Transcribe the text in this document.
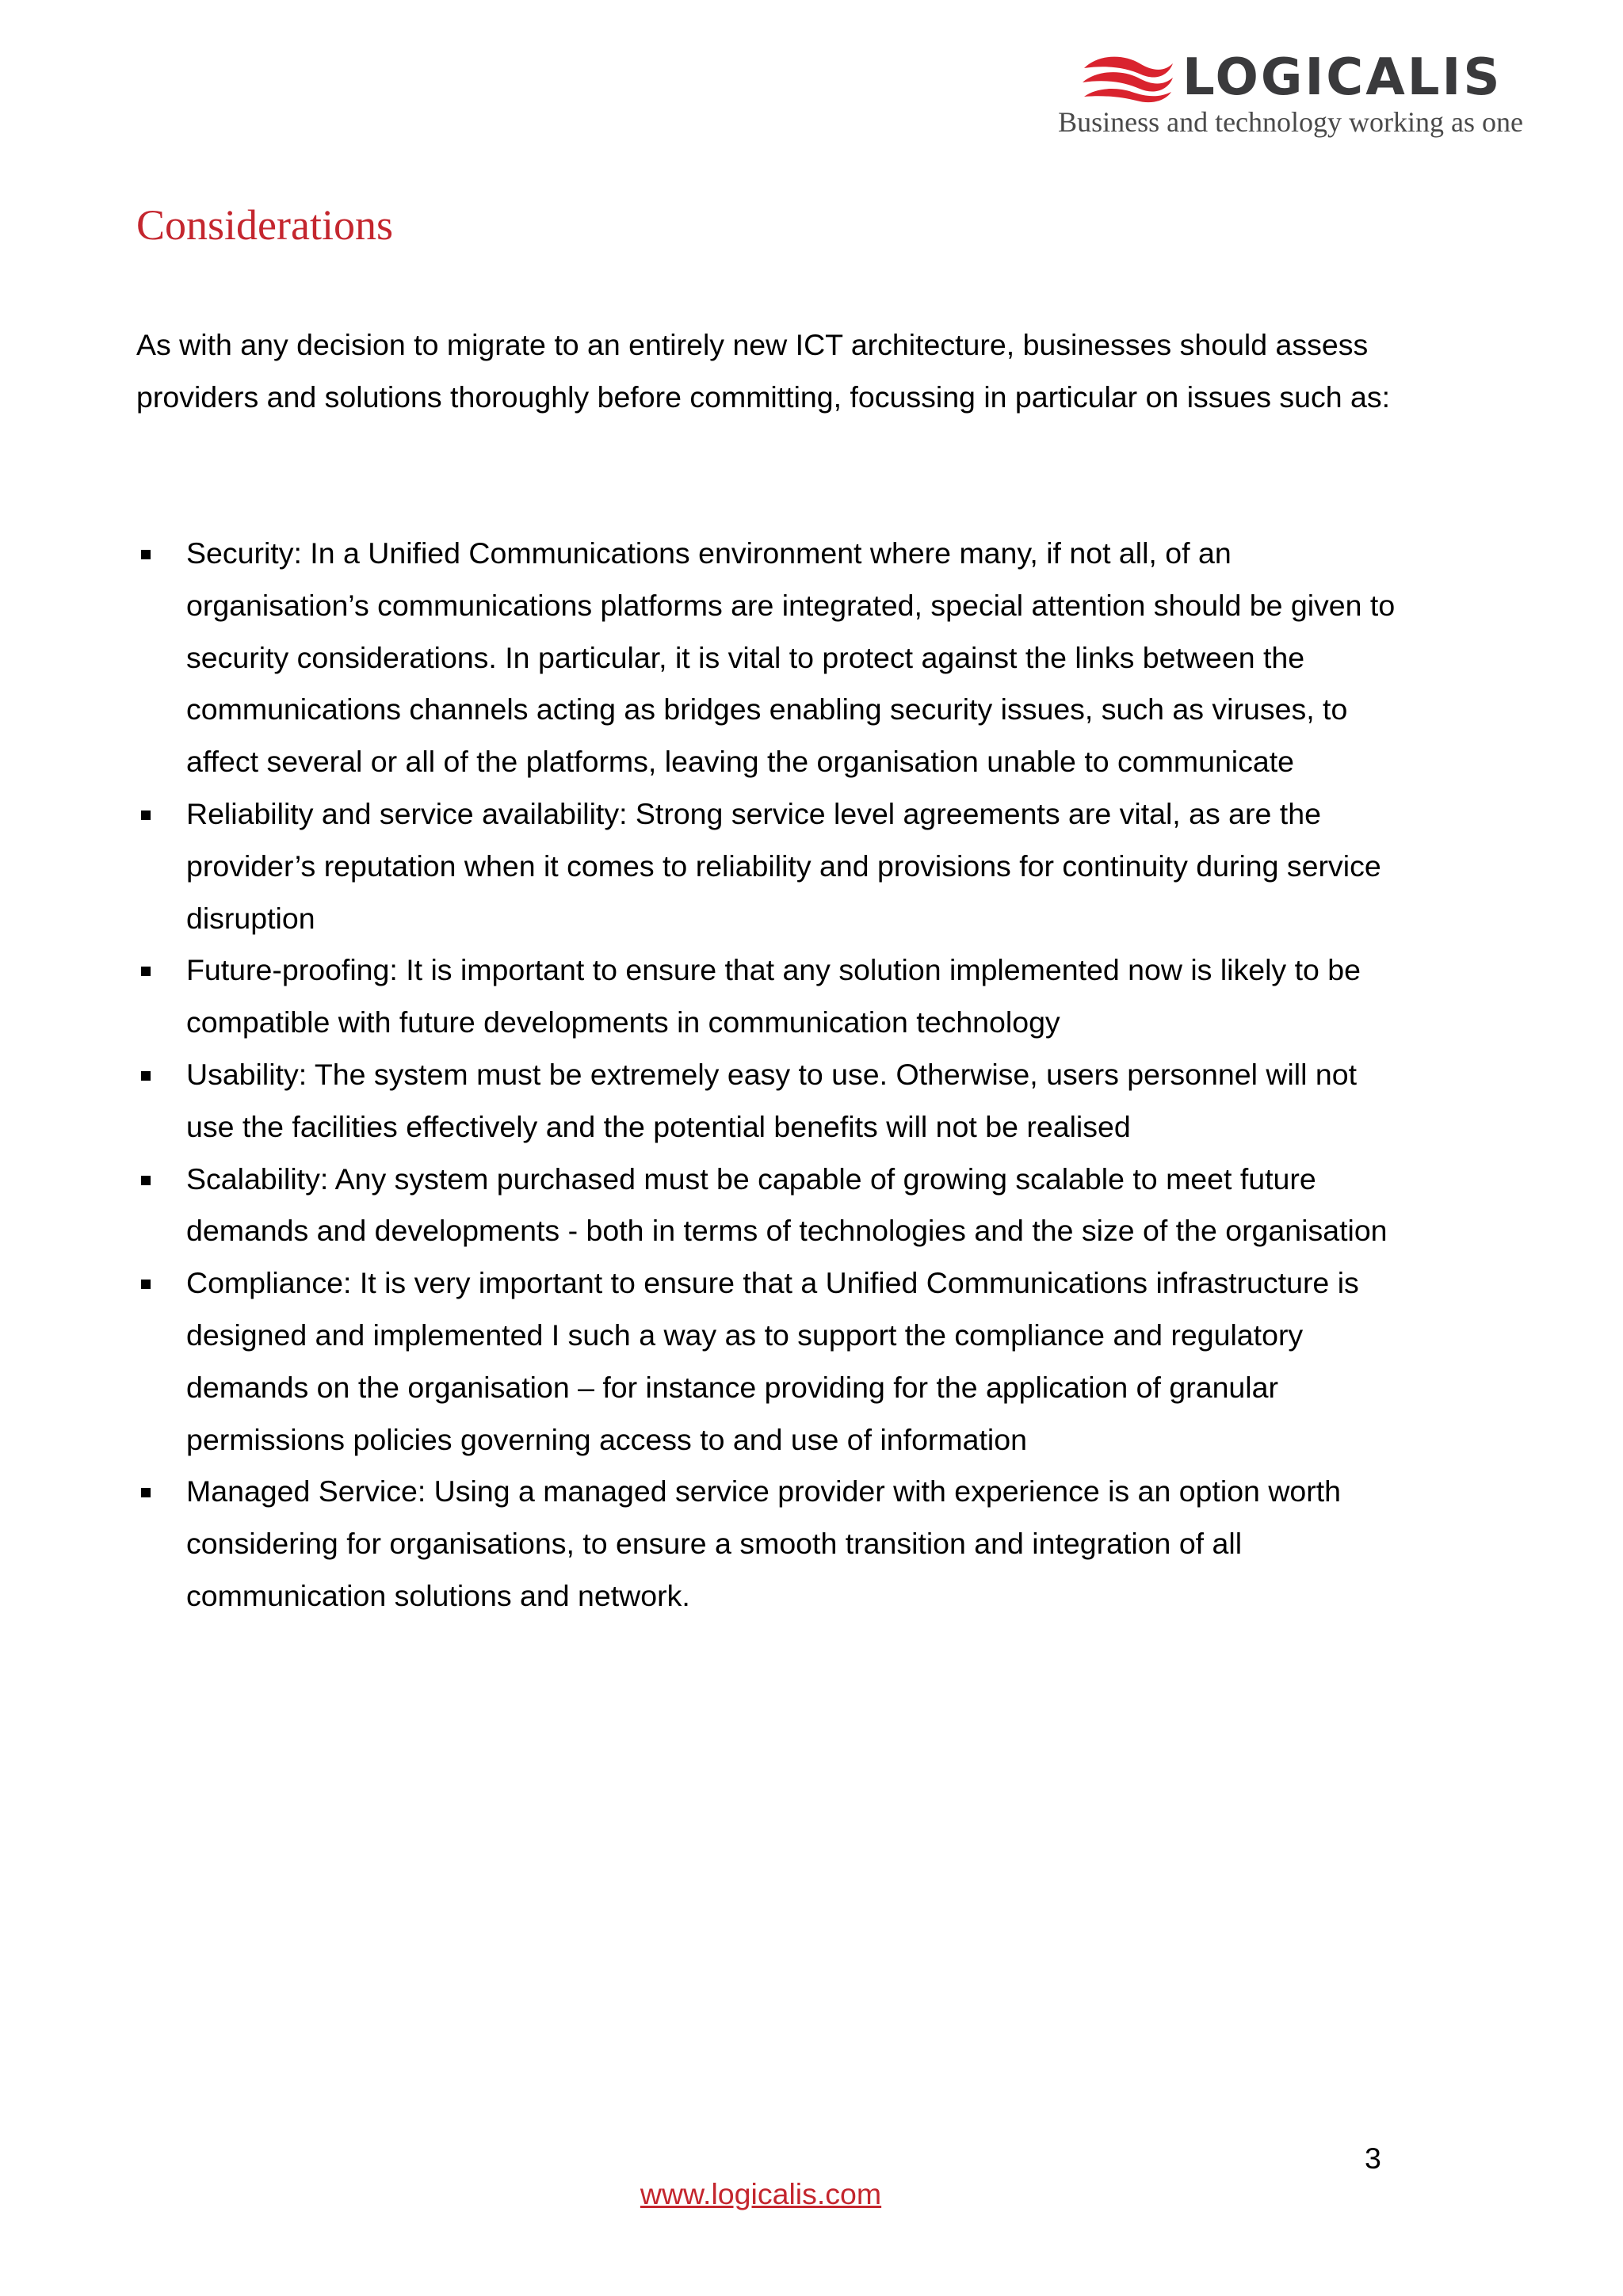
LOGICALIS
Business and technology working as one
Considerations

As with any decision to migrate to an entirely new ICT architecture, businesses should assess providers and solutions thoroughly before committing, focussing in particular on issues such as:

Security: In a Unified Communications environment where many, if not all, of an organisation’s communications platforms are integrated, special attention should be given to security considerations. In particular, it is vital to protect against the links between the communications channels acting as bridges enabling security issues, such as viruses, to affect several or all of the platforms, leaving the organisation unable to communicate
Reliability and service availability: Strong service level agreements are vital, as are the provider’s reputation when it comes to reliability and provisions for continuity during service disruption
Future-proofing: It is important to ensure that any solution implemented now is likely to be compatible with future developments in communication technology
Usability: The system must be extremely easy to use. Otherwise, users personnel will not use the facilities effectively and the potential benefits will not be realised
Scalability: Any system purchased must be capable of growing scalable to meet future demands and developments - both in terms of technologies and the size of the organisation
Compliance: It is very important to ensure that a Unified Communications infrastructure is designed and implemented I such a way as to support the compliance and regulatory demands on the organisation – for instance providing for the application of granular permissions policies governing access to and use of information
Managed Service: Using a managed service provider with experience is an option worth considering for organisations, to ensure a smooth transition and integration of all communication solutions and network.
3
www.logicalis.com
